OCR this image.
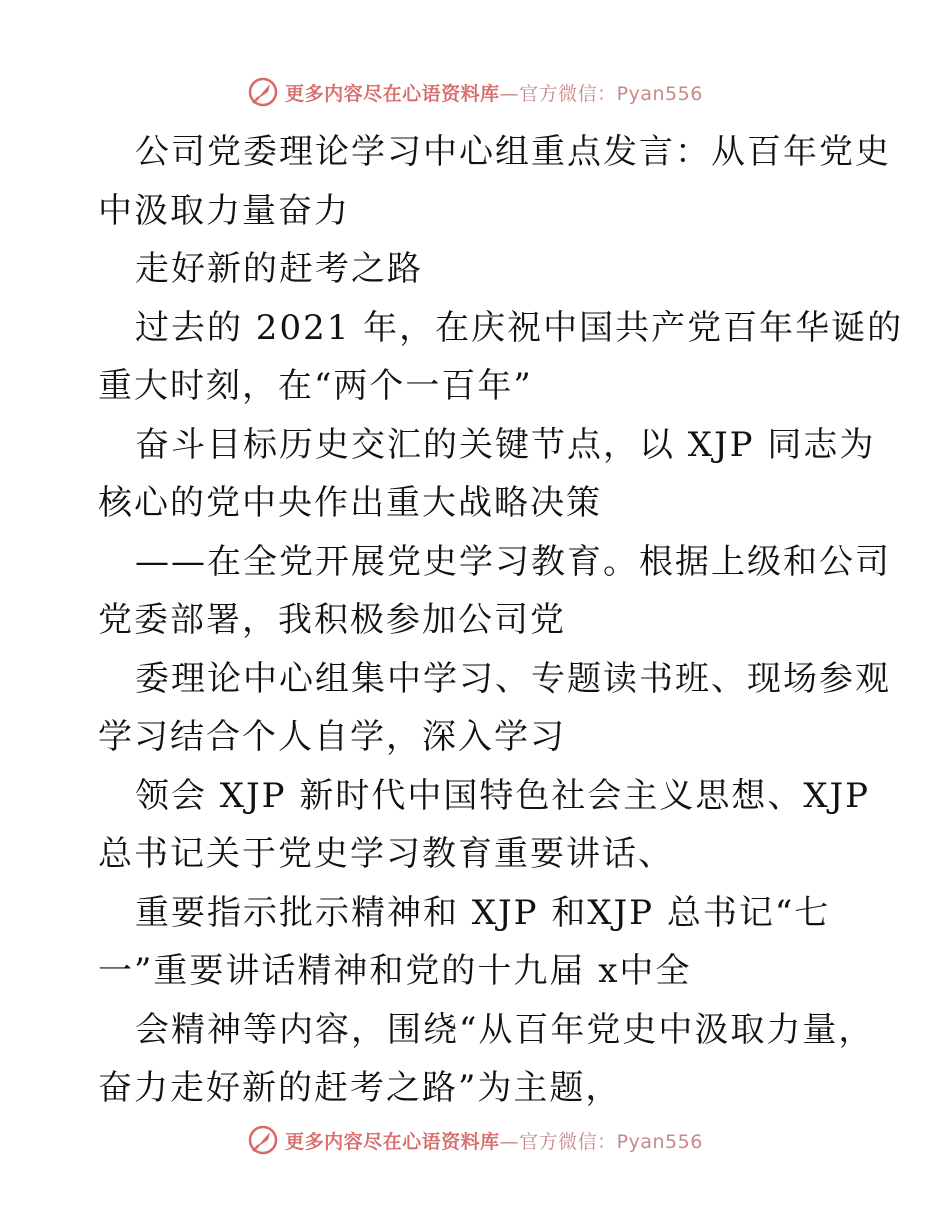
更多内容尽在心语资料库—官方微信：Pyan556
公司党委理论学习中心组重点发言：从百年党史
中汲取力量奋力
走好新的赶考之路
过去的 2021 年，在庆祝中国共产党百年华诞的
重大时刻，在“两个一百年”
奋斗目标历史交汇的关键节点，以 XJP 同志为
核心的党中央作出重大战略决策
——在全党开展党史学习教育。根据上级和公司
党委部署，我积极参加公司党
委理论中心组集中学习、专题读书班、现场参观
学习结合个人自学，深入学习
领会 XJP 新时代中国特色社会主义思想、XJP
总书记关于党史学习教育重要讲话、
重要指示批示精神和 XJP 和XJP 总书记“七
一”重要讲话精神和党的十九届 x中全
会精神等内容，围绕“从百年党史中汲取力量，
奋力走好新的赶考之路”为主题，
更多内容尽在心语资料库—官方微信：Pyan556
